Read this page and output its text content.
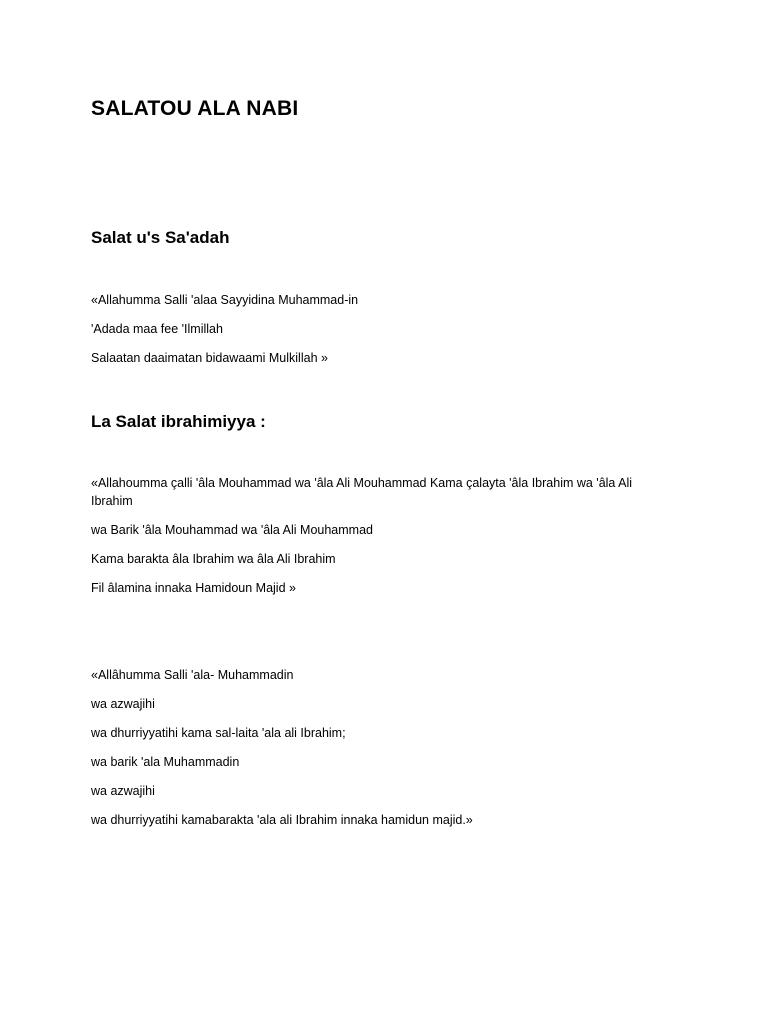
SALATOU ALA NABI
Salat u's Sa'adah

«Allahumma Salli 'alaa Sayyidina Muhammad-in

'Adada maa fee 'Ilmillah

Salaatan daaimatan bidawaami Mulkillah »

La Salat ibrahimiyya :

«Allahoumma çalli 'âla Mouhammad wa 'âla Ali Mouhammad Kama çalayta 'âla Ibrahim wa 'âla Ali Ibrahim

wa Barik 'âla Mouhammad wa 'âla Ali Mouhammad

Kama barakta âla Ibrahim wa âla Ali Ibrahim

Fil âlamina innaka Hamidoun Majid »

«Allâhumma Salli 'ala- Muhammadin

wa azwajihi

wa dhurriyyatihi kama sal-laita 'ala ali Ibrahim;

wa barik 'ala Muhammadin

wa azwajihi

wa dhurriyyatihi kamabarakta 'ala ali Ibrahim innaka hamidun majid.»
